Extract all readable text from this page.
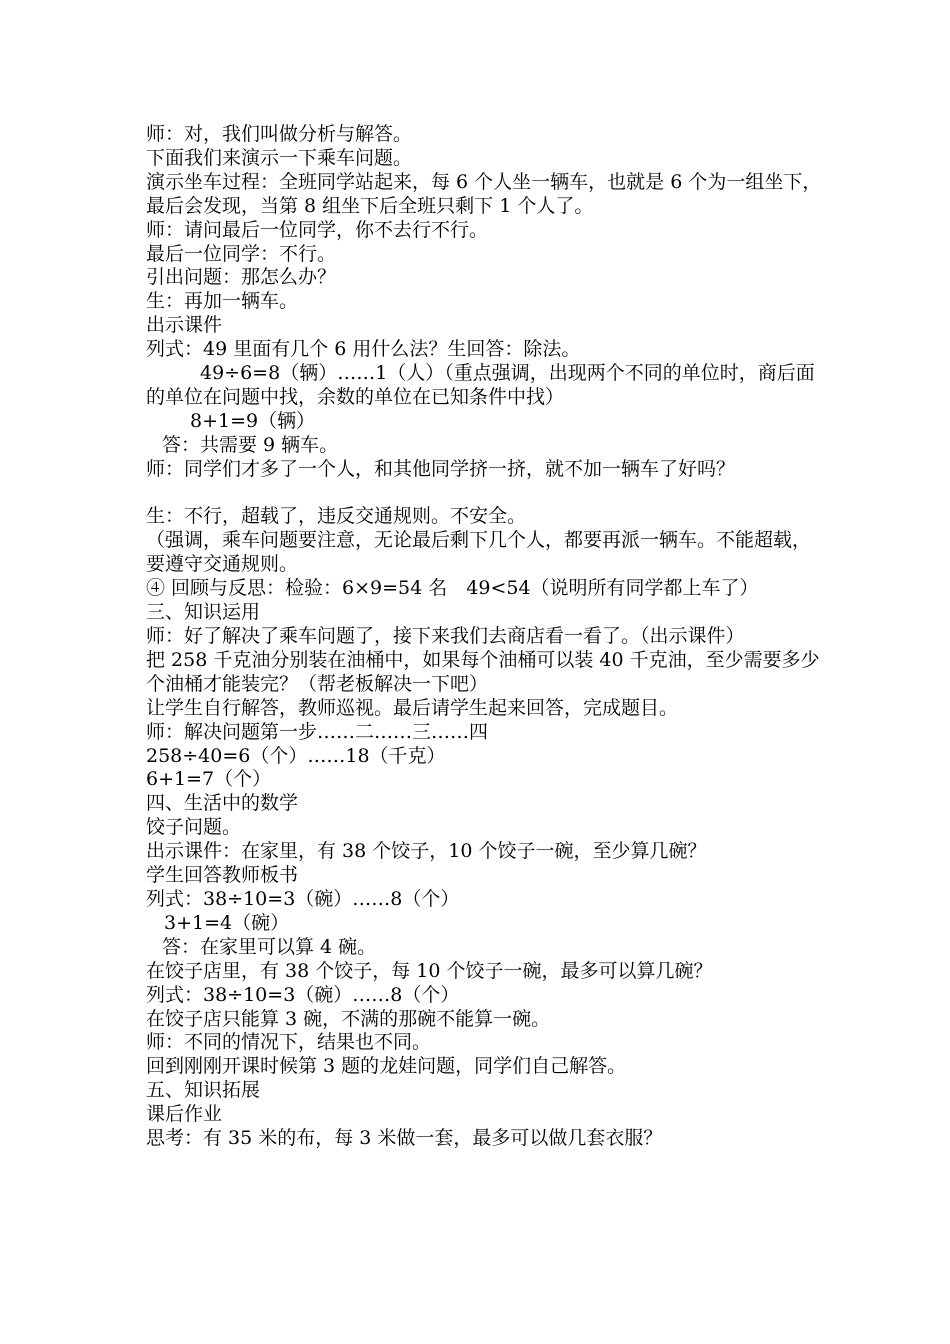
师：对，我们叫做分析与解答。

下面我们来演示一下乘车问题。

演示坐车过程：全班同学站起来，每 6 个人坐一辆车，也就是 6 个为一组坐下，最后会发现，当第 8 组坐下后全班只剩下 1 个人了。

师：请问最后一位同学，你不去行不行。

最后一位同学：不行。

引出问题：那怎么办？

生：再加一辆车。

出示课件

列式：49 里面有几个 6 用什么法？生回答：除法。

49÷6=8（辆）……1（人）（重点强调，出现两个不同的单位时，商后面的单位在问题中找，余数的单位在已知条件中找）

8+1=9（辆）

答：共需要 9 辆车。

师：同学们才多了一个人，和其他同学挤一挤，就不加一辆车了好吗？

生：不行，超载了，违反交通规则。不安全。

（强调，乘车问题要注意，无论最后剩下几个人，都要再派一辆车。不能超载，要遵守交通规则。

④ 回顾与反思：检验：6×9=54 名　49<54（说明所有同学都上车了）

三、知识运用

师：好了解决了乘车问题了，接下来我们去商店看一看了。（出示课件）

把 258 千克油分别装在油桶中，如果每个油桶可以装 40 千克油，至少需要多少个油桶才能装完？（帮老板解决一下吧）

让学生自行解答，教师巡视。最后请学生起来回答，完成题目。

师：解决问题第一步……二……三……四

258÷40=6（个）……18（千克）

6+1=7（个）

四、生活中的数学

饺子问题。

出示课件：在家里，有 38 个饺子，10 个饺子一碗，至少算几碗？

学生回答教师板书

列式：38÷10=3（碗）……8（个）

3+1=4（碗）

答：在家里可以算 4 碗。

在饺子店里，有 38 个饺子，每 10 个饺子一碗，最多可以算几碗？

列式：38÷10=3（碗）……8（个）

在饺子店只能算 3 碗，不满的那碗不能算一碗。

师：不同的情况下，结果也不同。

回到刚刚开课时候第 3 题的龙娃问题，同学们自己解答。

五、知识拓展

课后作业

思考：有 35 米的布，每 3 米做一套，最多可以做几套衣服？
